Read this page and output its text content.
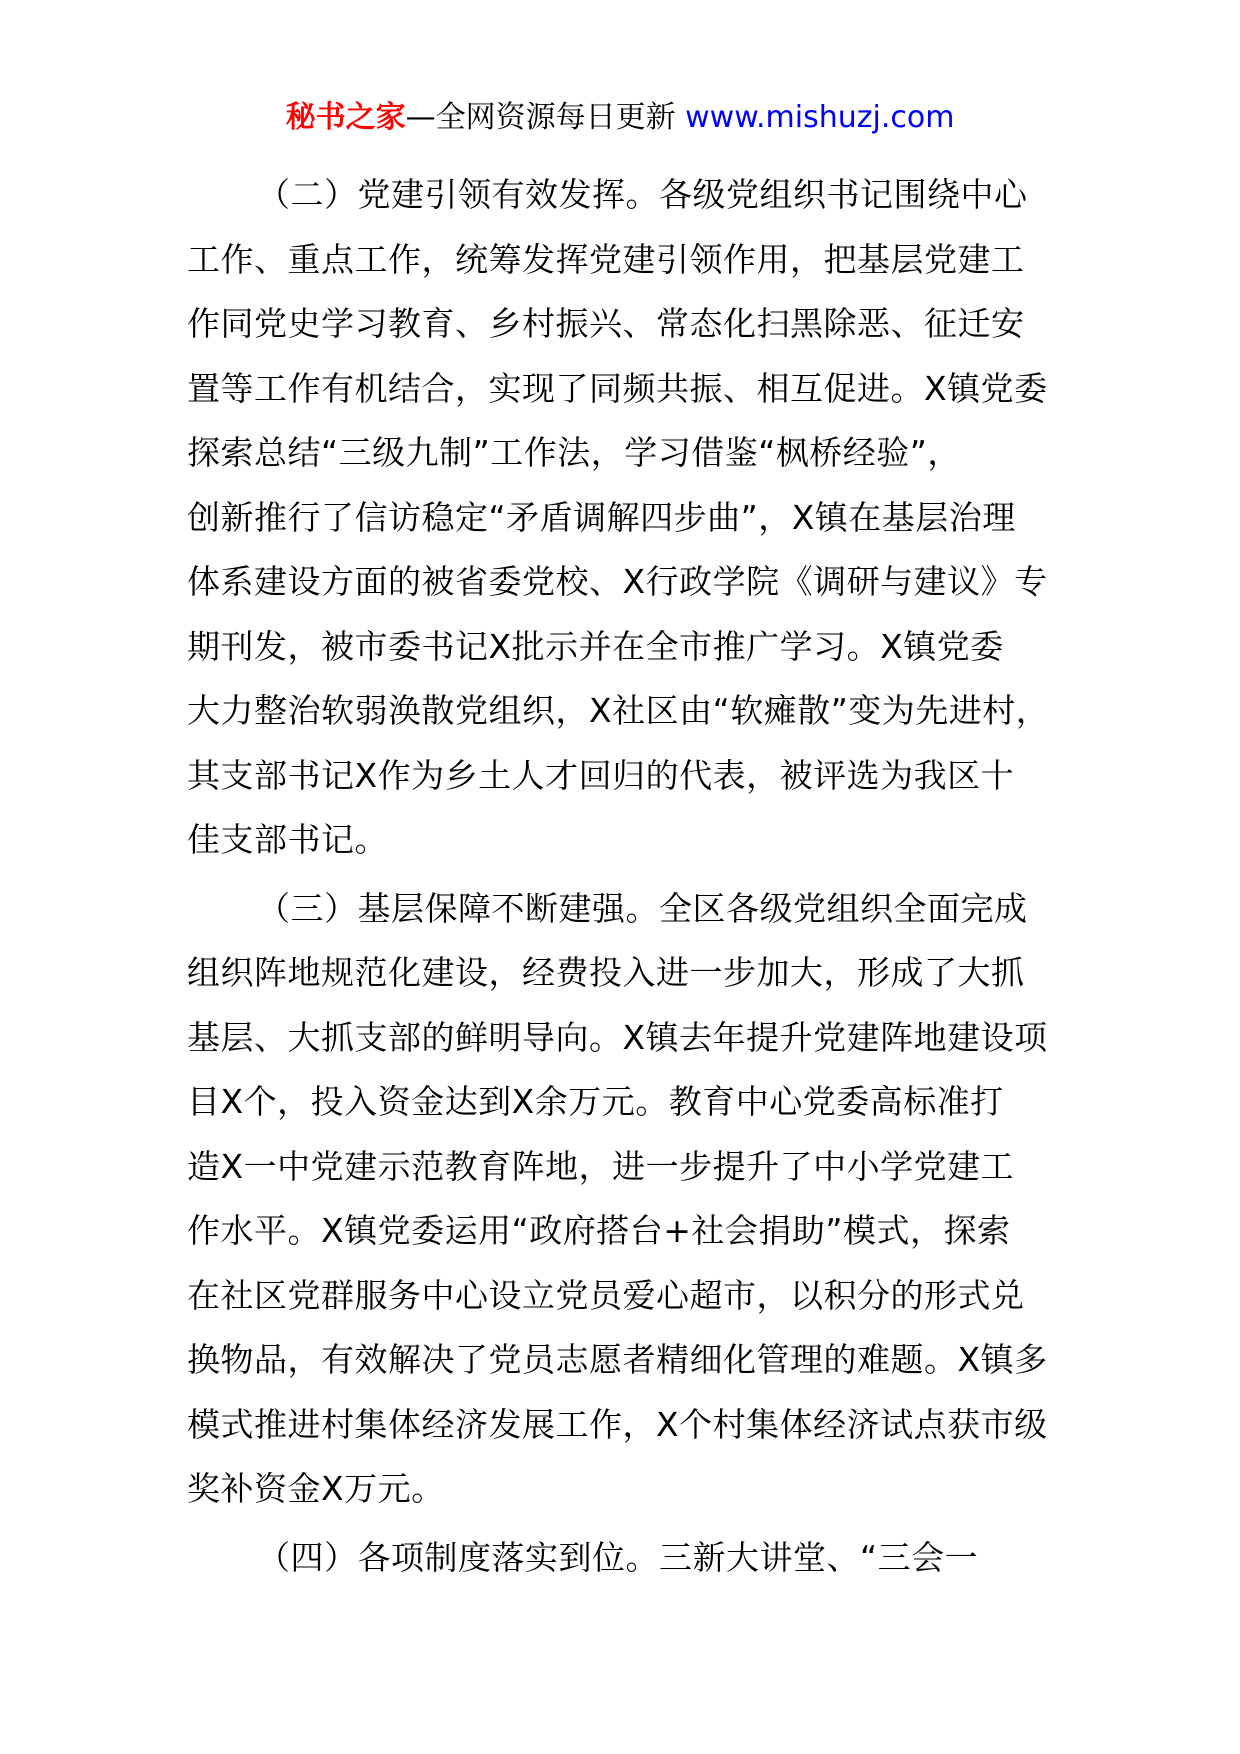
秘书之家—全网资源每日更新 www.mishuzj.com
（二）党建引领有效发挥。各级党组织书记围绕中心
工作、重点工作，统筹发挥党建引领作用，把基层党建工
作同党史学习教育、乡村振兴、常态化扫黑除恶、征迁安
置等工作有机结合，实现了同频共振、相互促进。X镇党委
探索总结“三级九制”工作法，学习借鉴“枫桥经验”，
创新推行了信访稳定“矛盾调解四步曲”，X镇在基层治理
体系建设方面的被省委党校、X行政学院《调研与建议》专
期刊发，被市委书记X批示并在全市推广学习。X镇党委
大力整治软弱涣散党组织，X社区由“软瘫散”变为先进村，
其支部书记X作为乡土人才回归的代表，被评选为我区十
佳支部书记。
（三）基层保障不断建强。全区各级党组织全面完成
组织阵地规范化建设，经费投入进一步加大，形成了大抓
基层、大抓支部的鲜明导向。X镇去年提升党建阵地建设项
目X个，投入资金达到X余万元。教育中心党委高标准打
造X一中党建示范教育阵地，进一步提升了中小学党建工
作水平。X镇党委运用“政府搭台+社会捐助”模式，探索
在社区党群服务中心设立党员爱心超市，以积分的形式兑
换物品，有效解决了党员志愿者精细化管理的难题。X镇多
模式推进村集体经济发展工作，X个村集体经济试点获市级
奖补资金X万元。
（四）各项制度落实到位。三新大讲堂、“三会一
